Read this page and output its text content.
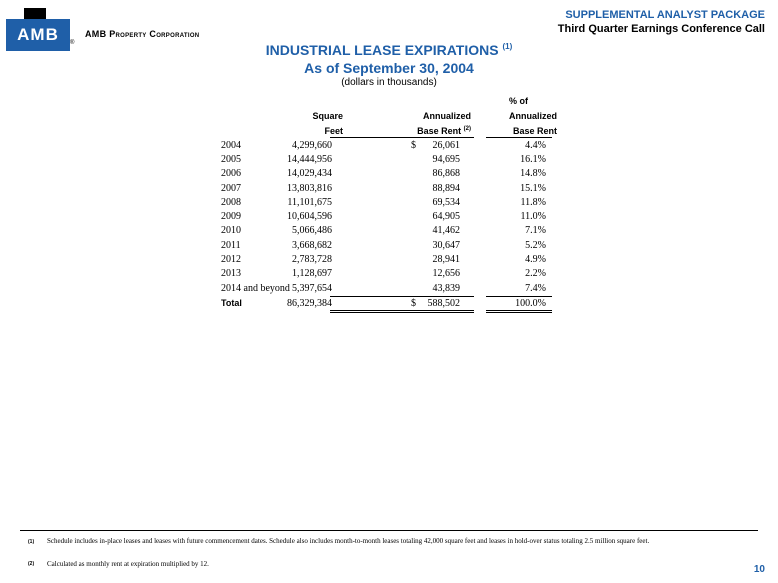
AMB ®
AMB Property Corporation
SUPPLEMENTAL ANALYST PACKAGE
Third Quarter Earnings Conference Call
INDUSTRIAL LEASE EXPIRATIONS $^{(1)}$
As of September 30, 2004
(dollars in thousands)
Square
Feet
Annualized
Base Rent $^{(2)}$
% of
Annualized
Base Rent
2004	4,299,660	$ 26,061	4.4%
2005	14,444,956	94,695	16.1%
2006	14,029,434	86,868	14.8%
2007	13,803,816	88,894	15.1%
2008	11,101,675	69,534	11.8%
2009	10,604,596	64,905	11.0%
2010	5,066,486	41,462	7.1%
2011	3,668,682	30,647	5.2%
2012	2,783,728	28,941	4.9%
2013	1,128,697	12,656	2.2%
2014 and beyond 5,397,654	43,839	7.4%
Total	86,329,384	$ 588,502	100.0%
(1) Schedule includes in-place leases and leases with future commencement dates. Schedule also includes month-to-month leases totaling 42,000 square feet and leases in hold-over status totaling 2.5 million square feet.
(2) Calculated as monthly rent at expiration multiplied by 12.	10
